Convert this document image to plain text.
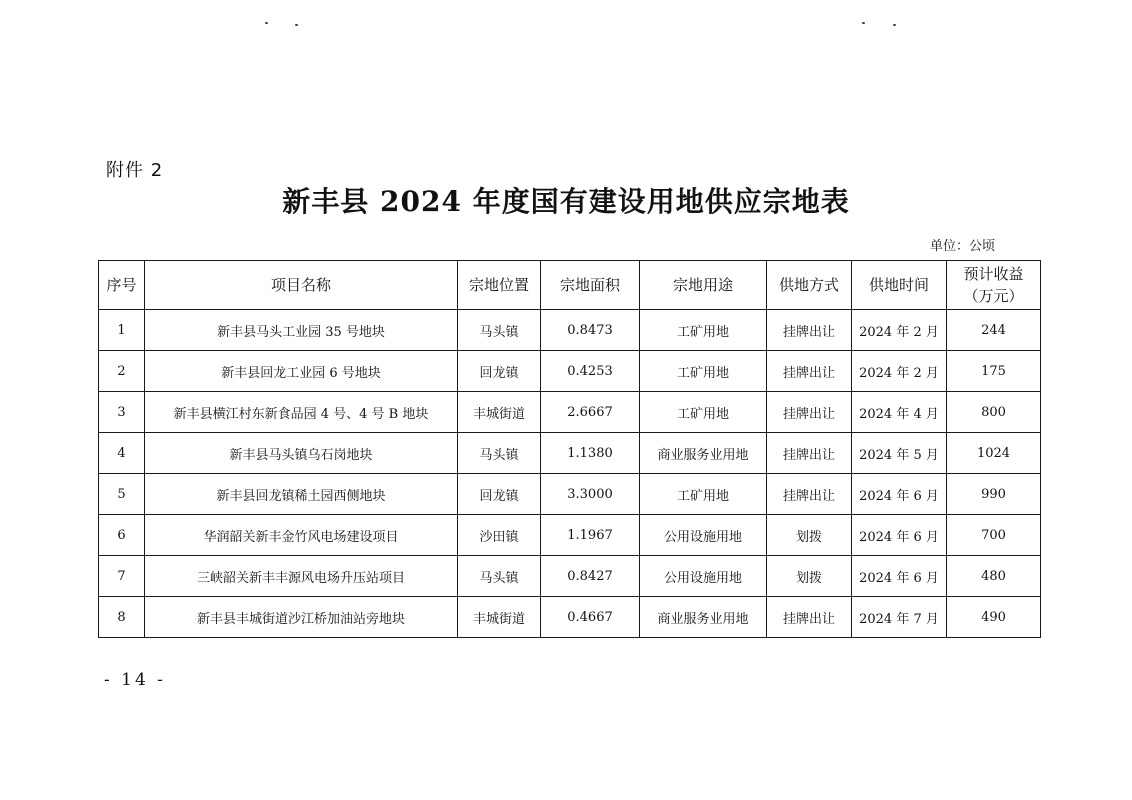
附件 2
新丰县 2024 年度国有建设用地供应宗地表
单位：公顷
序号	项目名称	宗地位置	宗地面积	宗地用途	供地方式	供地时间	预计收益
（万元）

1	新丰县马头工业园 35 号地块	马头镇	0.8473	工矿用地	挂牌出让	2024 年 2 月	244
2	新丰县回龙工业园 6 号地块	回龙镇	0.4253	工矿用地	挂牌出让	2024 年 2 月	175
3	新丰县横江村东新食品园 4 号、4 号 B 地块	丰城街道	2.6667	工矿用地	挂牌出让	2024 年 4 月	800
4	新丰县马头镇乌石岗地块	马头镇	1.1380	商业服务业用地	挂牌出让	2024 年 5 月	1024
5	新丰县回龙镇稀土园西侧地块	回龙镇	3.3000	工矿用地	挂牌出让	2024 年 6 月	990
6	华润韶关新丰金竹风电场建设项目	沙田镇	1.1967	公用设施用地	划拨	2024 年 6 月	700
7	三峡韶关新丰丰源风电场升压站项目	马头镇	0.8427	公用设施用地	划拨	2024 年 6 月	480
8	新丰县丰城街道沙江桥加油站旁地块	丰城街道	0.4667	商业服务业用地	挂牌出让	2024 年 7 月	490
- 14 -
